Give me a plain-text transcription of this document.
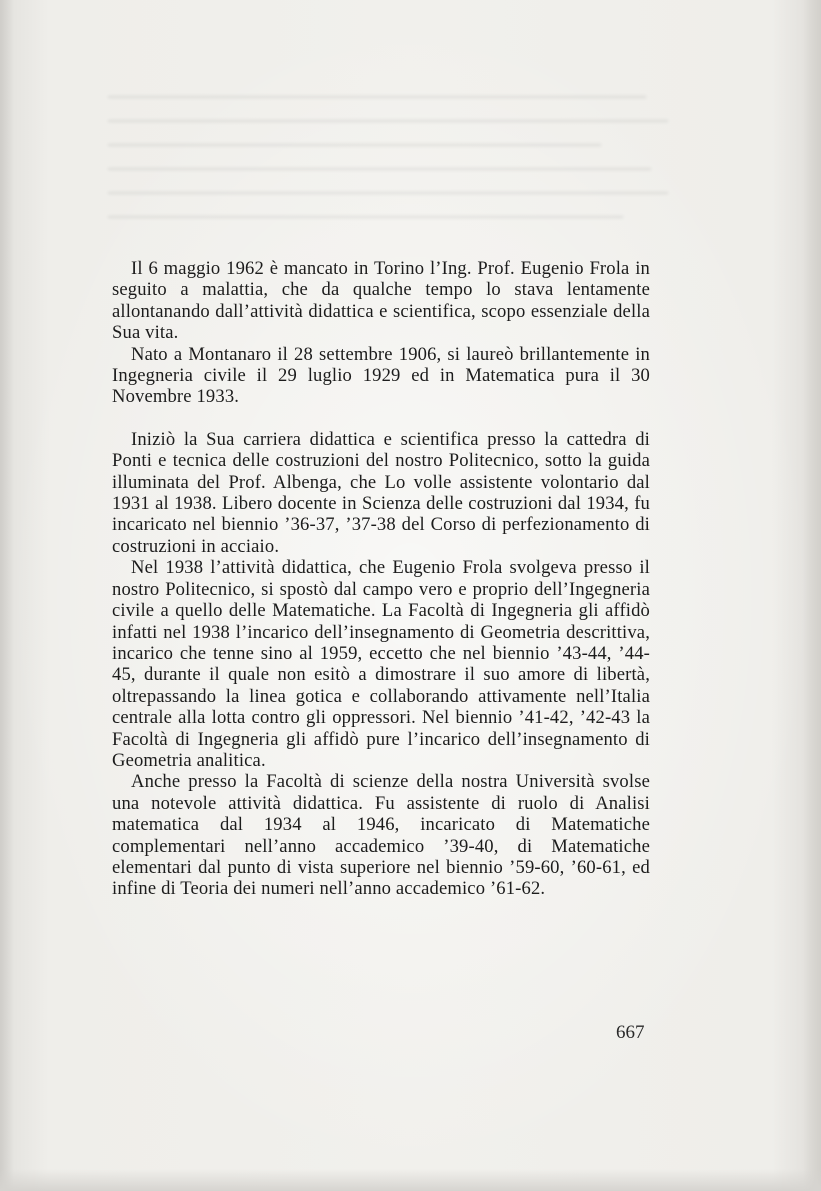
Il 6 maggio 1962 è mancato in Torino l’Ing. Prof. Eugenio Frola in seguito a malattia, che da qualche tempo lo stava lentamente allontanando dall’attività didattica e scientifica, scopo essenziale della Sua vita.

Nato a Montanaro il 28 settembre 1906, si laureò brillantemente in Ingegneria civile il 29 luglio 1929 ed in Matematica pura il 30 Novembre 1933.

Iniziò la Sua carriera didattica e scientifica presso la cattedra di Ponti e tecnica delle costruzioni del nostro Politecnico, sotto la guida illuminata del Prof. Albenga, che Lo volle assistente volontario dal 1931 al 1938. Libero docente in Scienza delle costruzioni dal 1934, fu incaricato nel biennio ’36-37, ’37-38 del Corso di perfezionamento di costruzioni in acciaio.

Nel 1938 l’attività didattica, che Eugenio Frola svolgeva presso il nostro Politecnico, si spostò dal campo vero e proprio dell’Ingegneria civile a quello delle Matematiche. La Facoltà di Ingegneria gli affidò infatti nel 1938 l’incarico dell’insegnamento di Geometria descrittiva, incarico che tenne sino al 1959, eccetto che nel biennio ’43-44, ’44-45, durante il quale non esitò a dimostrare il suo amore di libertà, oltrepassando la linea gotica e collaborando attivamente nell’Italia centrale alla lotta contro gli oppressori. Nel biennio ’41-42, ’42-43 la Facoltà di Ingegneria gli affidò pure l’incarico dell’insegnamento di Geometria analitica.

Anche presso la Facoltà di scienze della nostra Università svolse una notevole attività didattica. Fu assistente di ruolo di Analisi matematica dal 1934 al 1946, incaricato di Matematiche complementari nell’anno accademico ’39-40, di Matematiche elementari dal punto di vista superiore nel biennio ’59-60, ’60-61, ed infine di Teoria dei numeri nell’anno accademico ’61-62.

667
